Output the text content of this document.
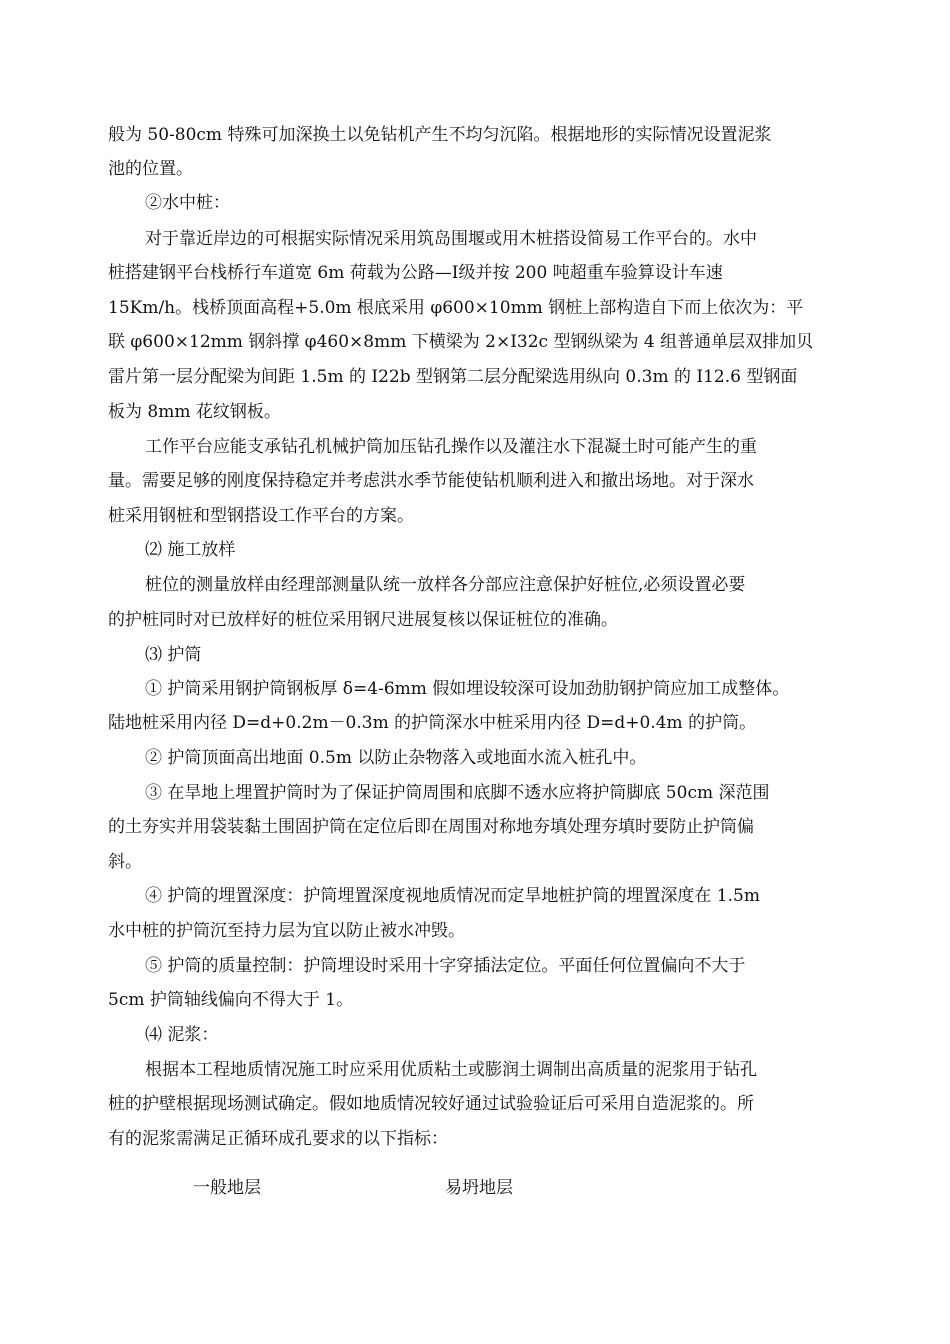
般为 50-80cm 特殊可加深换土以免钻机产生不均匀沉陷。根据地形的实际情况设置泥浆
池的位置。
②水中桩：
对于靠近岸边的可根据实际情况采用筑岛围堰或用木桩搭设简易工作平台的。水中
桩搭建钢平台栈桥行车道宽 6m 荷载为公路—Ⅰ级并按 200 吨超重车验算设计车速
15Km/h。栈桥顶面高程+5.0m 根底采用 φ600×10mm 钢桩上部构造自下而上依次为：平
联 φ600×12mm 钢斜撑 φ460×8mm 下横梁为 2×I32c 型钢纵梁为 4 组普通单层双排加贝
雷片第一层分配梁为间距 1.5m 的 I22b 型钢第二层分配梁选用纵向 0.3m 的 I12.6 型钢面
板为 8mm 花纹钢板。
工作平台应能支承钻孔机械护筒加压钻孔操作以及灌注水下混凝土时可能产生的重
量。需要足够的刚度保持稳定并考虑洪水季节能使钻机顺利进入和撤出场地。对于深水
桩采用钢桩和型钢搭设工作平台的方案。
⑵ 施工放样
桩位的测量放样由经理部测量队统一放样各分部应注意保护好桩位,必须设置必要
的护桩同时对已放样好的桩位采用钢尺进展复核以保证桩位的准确。
⑶ 护筒
① 护筒采用钢护筒钢板厚 δ=4-6mm 假如埋设较深可设加劲肋钢护筒应加工成整体。
陆地桩采用内径 D=d+0.2m－0.3m 的护筒深水中桩采用内径 D=d+0.4m 的护筒。
② 护筒顶面高出地面 0.5m 以防止杂物落入或地面水流入桩孔中。
③ 在旱地上埋置护筒时为了保证护筒周围和底脚不透水应将护筒脚底 50cm 深范围
的土夯实并用袋装黏土围固护筒在定位后即在周围对称地夯填处理夯填时要防止护筒偏
斜。
④ 护筒的埋置深度：护筒埋置深度视地质情况而定旱地桩护筒的埋置深度在 1.5m
水中桩的护筒沉至持力层为宜以防止被水冲毁。
⑤ 护筒的质量控制：护筒埋设时采用十字穿插法定位。平面任何位置偏向不大于
5cm 护筒轴线偏向不得大于 1。
⑷ 泥浆：
根据本工程地质情况施工时应采用优质粘土或膨润土调制出高质量的泥浆用于钻孔
桩的护壁根据现场测试确定。假如地质情况较好通过试验验证后可采用自造泥浆的。所
有的泥浆需满足正循环成孔要求的以下指标：
一般地层	易坍地层
